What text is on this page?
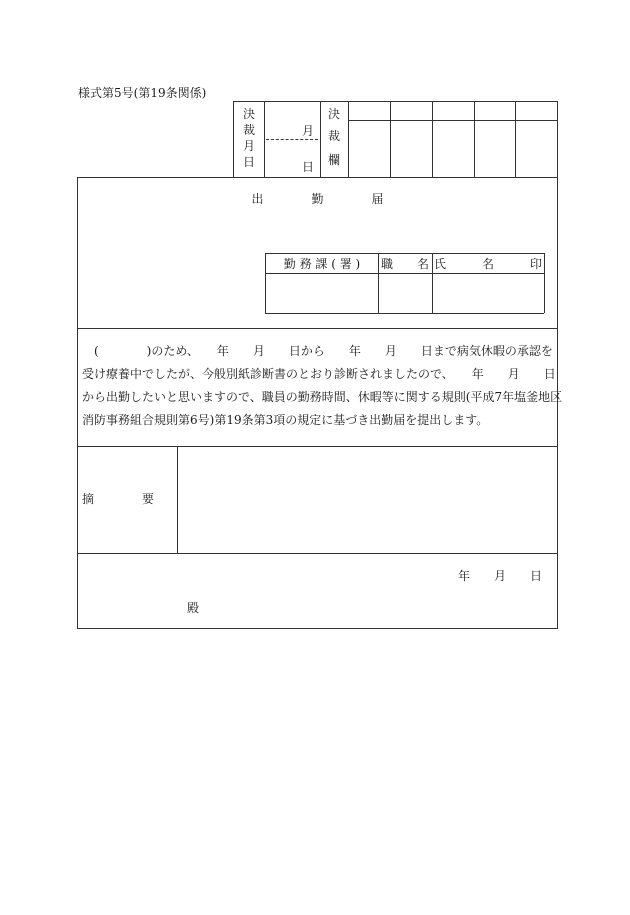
様式第5号(第19条関係)
決
裁
月
日
月
日
決
裁
欄
出　　　　勤　　　　届
勤 務 課 ( 署 )	職　　名 氏　　　名　　　印
(　　　　)のため、　　年　　月　　日から　　年　　月　　日まで病気休暇の承認を
受け療養中でしたが、今般別紙診断書のとおり診断されましたので、　　年　　月　　日
から出勤したいと思いますので、職員の勤務時間、休暇等に関する規則(平成7年塩釜地区
消防事務組合規則第6号)第19条第3項の規定に基づき出勤届を提出します。
摘　　　　要
年　　月　　日
殿
